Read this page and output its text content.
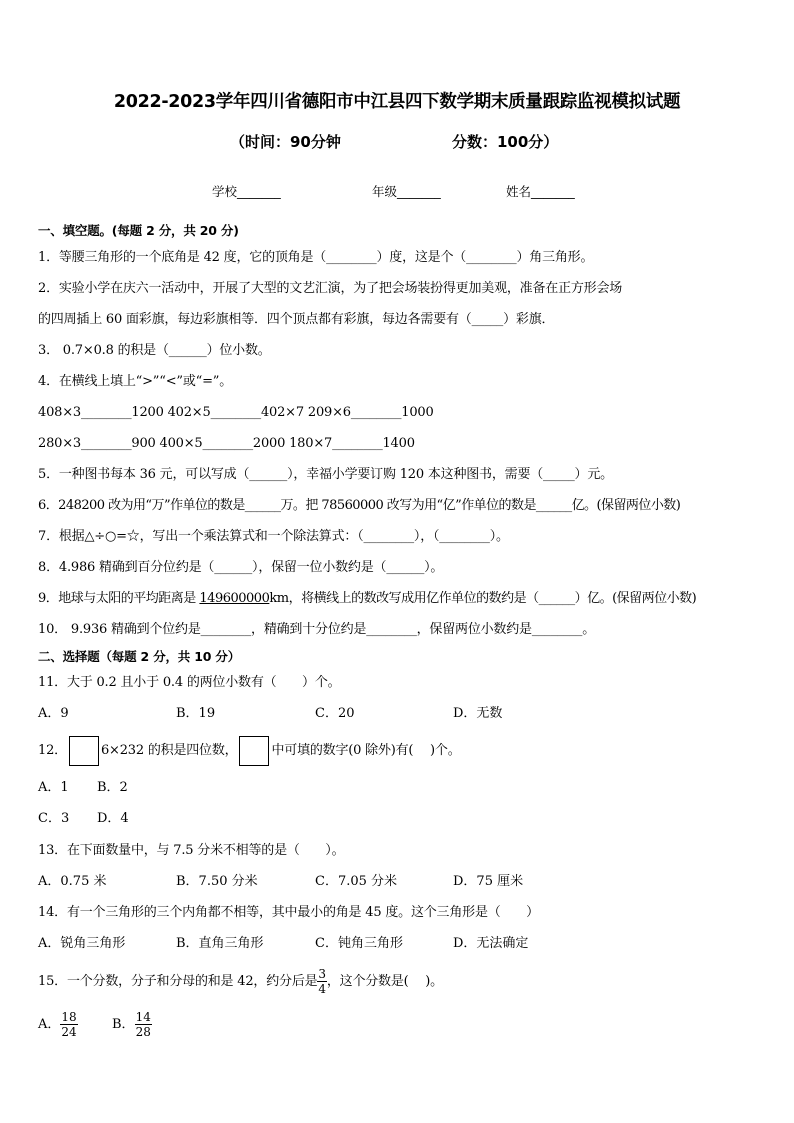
2022-2023学年四川省德阳市中江县四下数学期末质量跟踪监视模拟试题
（时间：90分钟	分数：100分）
学校_______	年级_______	姓名_______
一、填空题。(每题 2 分，共 20 分)
1．等腰三角形的一个底角是 42 度，它的顶角是（________）度，这是个（________）角三角形。
2．实验小学在庆六一活动中，开展了大型的文艺汇演，为了把会场装扮得更加美观，准备在正方形会场
的四周插上 60 面彩旗，每边彩旗相等．四个顶点都有彩旗，每边各需要有（_____）彩旗．
3． 0.7×0.8 的积是（______）位小数。
4．在横线上填上“>”“<”或“=”。
408×3________1200 402×5________402×7 209×6________1000
280×3________900 400×5________2000 180×7________1400
5．一种图书每本 36 元，可以写成（______），幸福小学要订购 120 本这种图书，需要（_____）元。
6．248200 改为用“万”作单位的数是______万。把 78560000 改写为用“亿”作单位的数是______亿。(保留两位小数)
7．根据△÷○=☆，写出一个乘法算式和一个除法算式：（________），（________）。
8．4.986 精确到百分位约是（______），保留一位小数约是（______）。
9．地球与太阳的平均距离是 149600000km，将横线上的数改写成用亿作单位的数约是（______）亿。(保留两位小数)
10． 9.936 精确到个位约是________，精确到十分位约是________，保留两位小数约是________。
二、选择题（每题 2 分，共 10 分）
11．大于 0.2 且小于 0.4 的两位小数有（　　）个。
A．9	B．19	C．20	D．无数
12．	6×232 的积是四位数，	中可填的数字(0 除外)有(　 )个。
A．1 B．2
C．3 D．4
13．在下面数量中，与 7.5 分米不相等的是（　　）。
A．0.75 米	B．7.50 分米	C．7.05 分米	D．75 厘米
14．有一个三角形的三个内角都不相等，其中最小的角是 45 度。这个三角形是（　　）
A．锐角三角形	B．直角三角形	C．钝角三角形	D．无法确定
15．一个分数，分子和分母的和是 42，约分后是 $\frac{3}{4}$ ，这个分数是(　 )。
A． $\frac{18}{24}$	B． $\frac{14}{28}$
